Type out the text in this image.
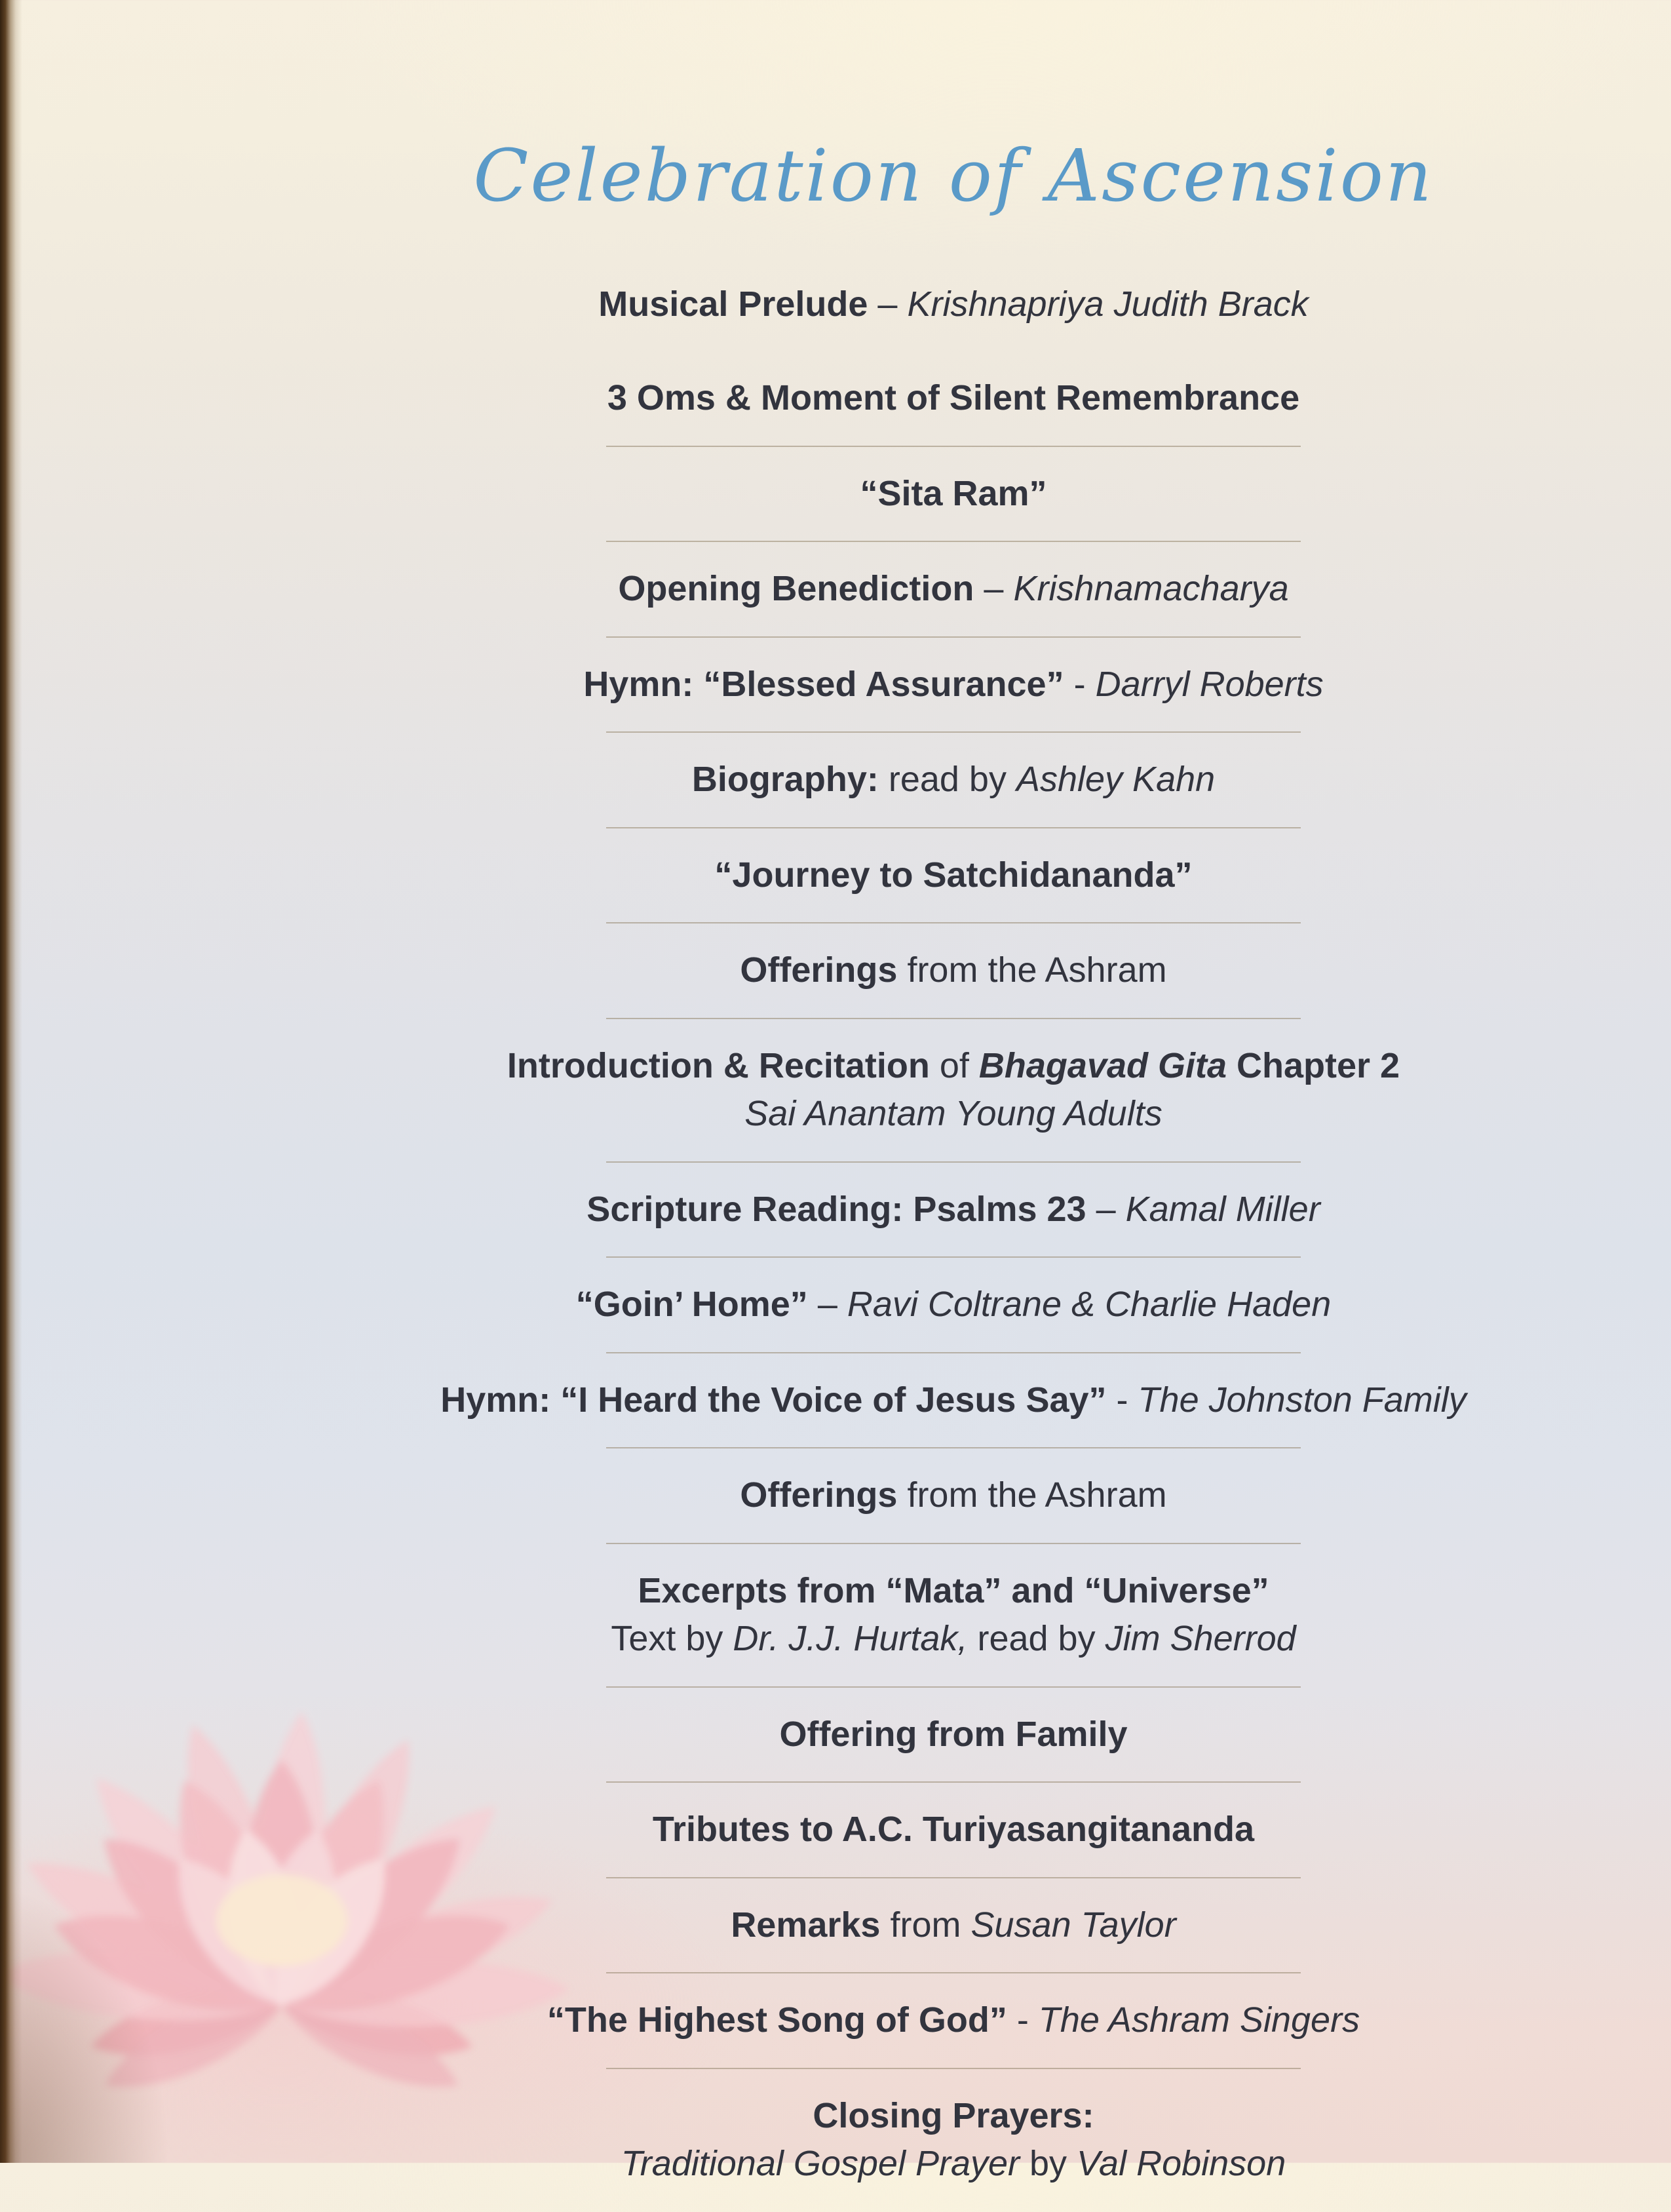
Celebration of Ascension
Musical Prelude – Krishnapriya Judith Brack
3 Oms & Moment of Silent Remembrance
“Sita Ram”
Opening Benediction – Krishnamacharya
Hymn: “Blessed Assurance” - Darryl Roberts
Biography: read by Ashley Kahn
“Journey to Satchidananda”
Offerings from the Ashram
Introduction & Recitation of Bhagavad Gita Chapter 2
Sai Anantam Young Adults
Scripture Reading: Psalms 23 – Kamal Miller
“Goin’ Home” – Ravi Coltrane & Charlie Haden
Hymn: “I Heard the Voice of Jesus Say” - The Johnston Family
Offerings from the Ashram
Excerpts from “Mata” and “Universe”
Text by Dr. J.J. Hurtak, read by Jim Sherrod
Offering from Family
Tributes to A.C. Turiyasangitananda
Remarks from Susan Taylor
“The Highest Song of God” - The Ashram Singers
Closing Prayers:
Traditional Gospel Prayer by Val Robinson
